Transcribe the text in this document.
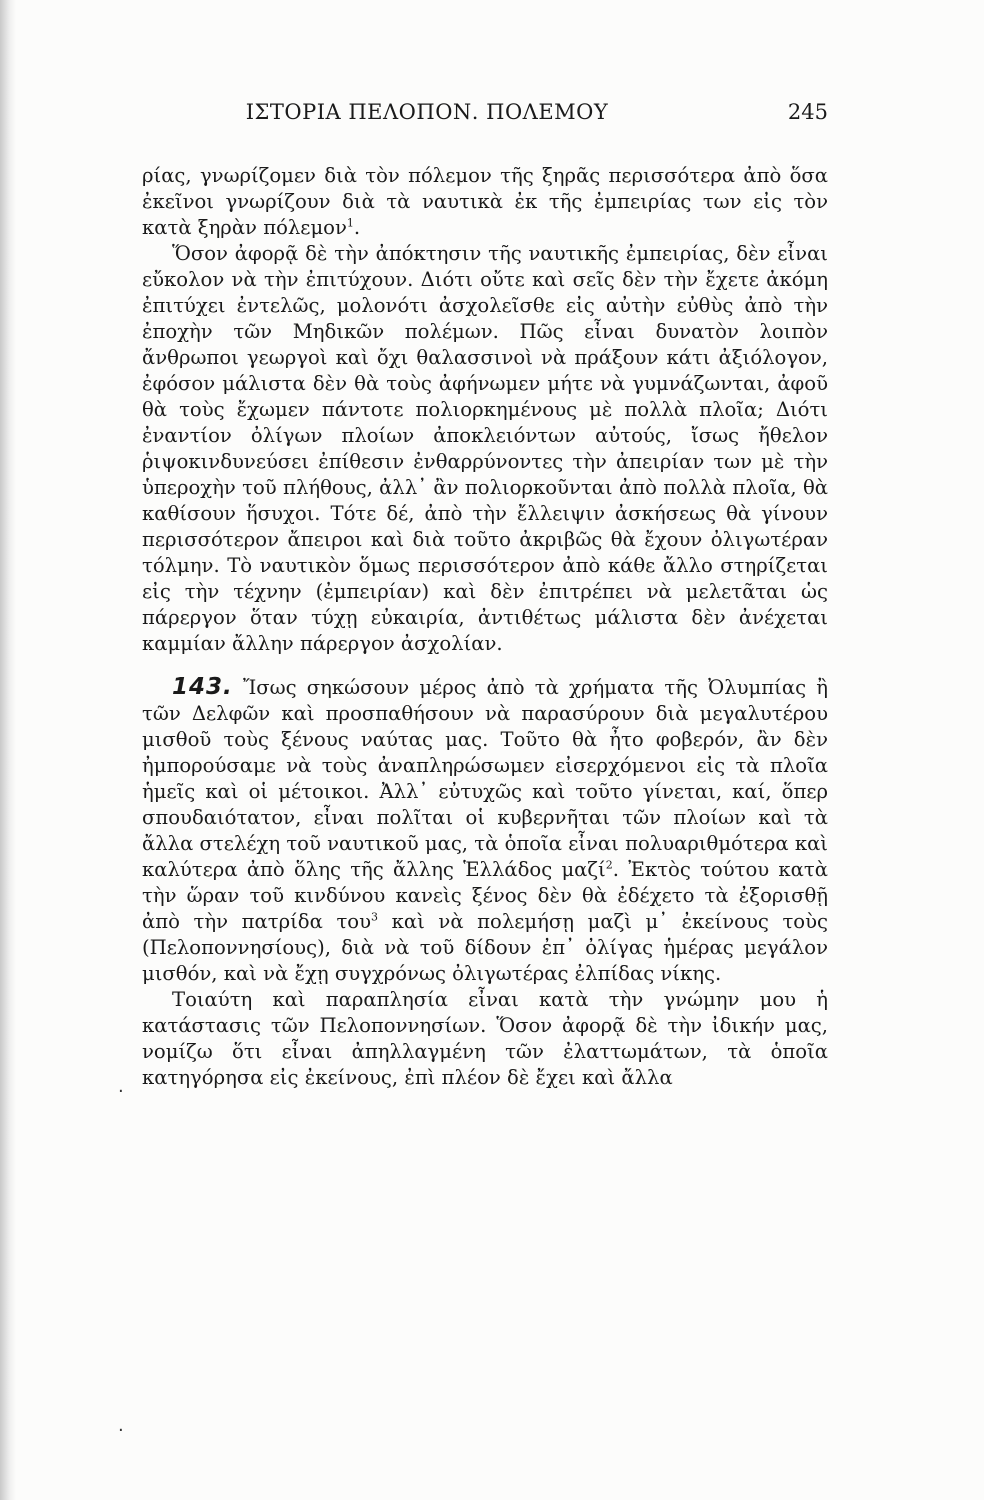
ΙΣΤΟΡΙΑ ΠΕΛΟΠΟΝ. ΠΟΛΕΜΟΥ	245

ρίας, γνωρίζομεν διὰ τὸν πόλεμον τῆς ξηρᾶς περισσότερα ἀπὸ ὅσα ἐκεῖνοι γνωρίζουν διὰ τὰ ναυτικὰ ἐκ τῆς ἐμπειρίας των εἰς τὸν κατὰ ξηρὰν πόλεμον$^1$.

Ὅσον ἀφορᾷ δὲ τὴν ἀπόκτησιν τῆς ναυτικῆς ἐμπειρίας, δὲν εἶναι εὔκολον νὰ τὴν ἐπιτύχουν. Διότι οὔτε καὶ σεῖς δὲν τὴν ἔχετε ἀκόμη ἐπιτύχει ἐντελῶς, μολονότι ἀσχολεῖσθε εἰς αὐτὴν εὐθὺς ἀπὸ τὴν ἐποχὴν τῶν Μηδικῶν πολέμων. Πῶς εἶναι δυνατὸν λοιπὸν ἄνθρωποι γεωργοὶ καὶ ὄχι θαλασσινοὶ νὰ πράξουν κάτι ἀξιόλογον, ἐφόσον μάλιστα δὲν θὰ τοὺς ἀφήνωμεν μήτε νὰ γυμνάζωνται, ἀφοῦ θὰ τοὺς ἔχωμεν πάντοτε πολιορκημένους μὲ πολλὰ πλοῖα; Διότι ἐναντίον ὀλίγων πλοίων ἀποκλειόντων αὐτούς, ἴσως ἤθελον ῥιψοκινδυνεύσει ἐπίθεσιν ἐνθαρρύνοντες τὴν ἀπειρίαν των μὲ τὴν ὑπεροχὴν τοῦ πλήθους, ἀλλ᾽ ἂν πολιορκοῦνται ἀπὸ πολλὰ πλοῖα, θὰ καθίσουν ἥσυχοι. Τότε δέ, ἀπὸ τὴν ἔλλειψιν ἀσκήσεως θὰ γίνουν περισσότερον ἄπειροι καὶ διὰ τοῦτο ἀκριβῶς θὰ ἔχουν ὀλιγωτέραν τόλμην. Τὸ ναυτικὸν ὅμως περισσότερον ἀπὸ κάθε ἄλλο στηρίζεται εἰς τὴν τέχνην (ἐμπειρίαν) καὶ δὲν ἐπιτρέπει νὰ μελετᾶται ὡς πάρεργον ὅταν τύχῃ εὐκαιρία, ἀντιθέτως μάλιστα δὲν ἀνέχεται καμμίαν ἄλλην πάρεργον ἀσχολίαν.

143. Ἴσως σηκώσουν μέρος ἀπὸ τὰ χρήματα τῆς Ὀλυμπίας ἢ τῶν Δελφῶν καὶ προσπαθήσουν νὰ παρασύρουν διὰ μεγαλυτέρου μισθοῦ τοὺς ξένους ναύτας μας. Τοῦτο θὰ ἦτο φοβερόν, ἂν δὲν ἠμπορούσαμε νὰ τοὺς ἀναπληρώσωμεν εἰσερχόμενοι εἰς τὰ πλοῖα ἡμεῖς καὶ οἱ μέτοικοι. Ἀλλ᾽ εὐτυχῶς καὶ τοῦτο γίνεται, καί, ὅπερ σπουδαιότατον, εἶναι πολῖται οἱ κυβερνῆται τῶν πλοίων καὶ τὰ ἄλλα στελέχη τοῦ ναυτικοῦ μας, τὰ ὁποῖα εἶναι πολυαριθμότερα καὶ καλύτερα ἀπὸ ὅλης τῆς ἄλλης Ἑλλάδος μαζί$^2$. Ἐκτὸς τούτου κατὰ τὴν ὥραν τοῦ κινδύνου κανεὶς ξένος δὲν θὰ ἐδέχετο τὰ ἐξορισθῇ ἀπὸ τὴν πατρίδα του$^3$ καὶ νὰ πολεμήσῃ μαζὶ μ᾽ ἐκείνους τοὺς (Πελοποννησίους), διὰ νὰ τοῦ δίδουν ἐπ᾽ ὀλίγας ἡμέρας μεγάλον μισθόν, καὶ νὰ ἔχῃ συγχρόνως ὀλιγωτέρας ἐλπίδας νίκης.

Τοιαύτη καὶ παραπλησία εἶναι κατὰ τὴν γνώμην μου ἡ κατάστασις τῶν Πελοποννησίων. Ὅσον ἀφορᾷ δὲ τὴν ἰδικήν μας, νομίζω ὅτι εἶναι ἀπηλλαγμένη τῶν ἐλαττωμάτων, τὰ ὁποῖα κατηγόρησα εἰς ἐκείνους, ἐπὶ πλέον δὲ ἔχει καὶ ἄλλα

·
·
